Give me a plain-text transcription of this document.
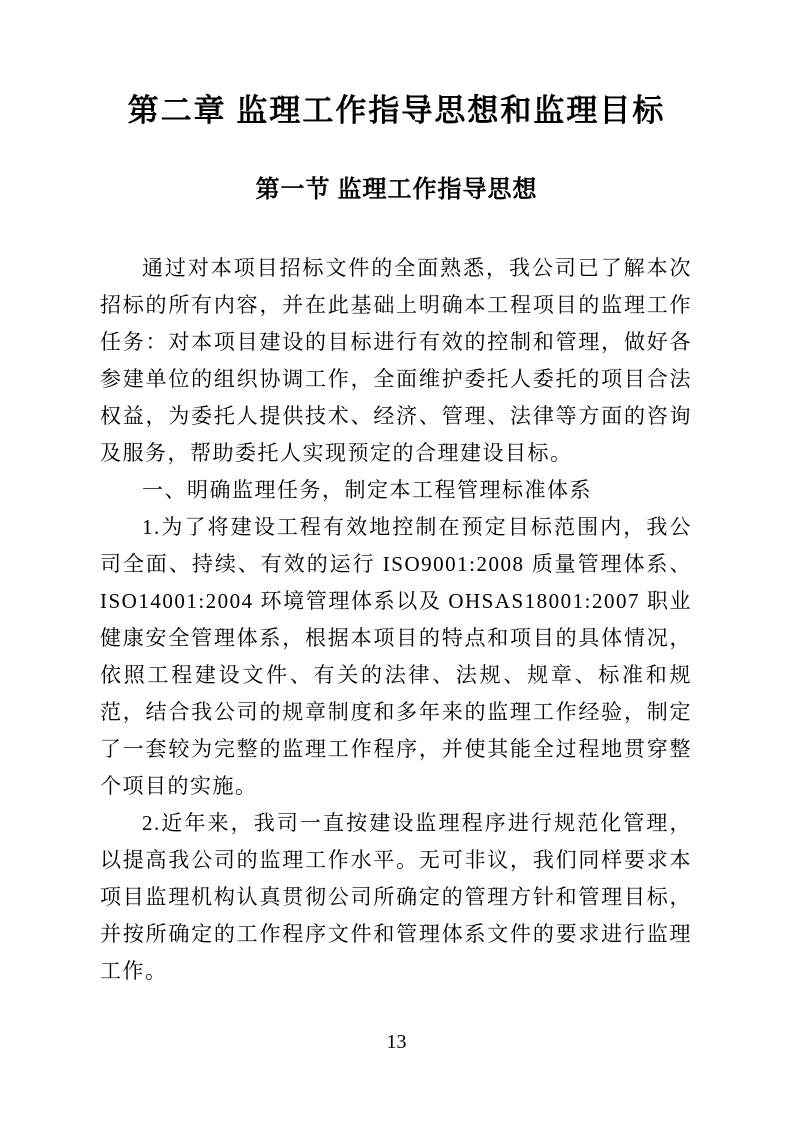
第二章 监理工作指导思想和监理目标
第一节 监理工作指导思想

通过对本项目招标文件的全面熟悉，我公司已了解本次招标的所有内容，并在此基础上明确本工程项目的监理工作任务：对本项目建设的目标进行有效的控制和管理，做好各参建单位的组织协调工作，全面维护委托人委托的项目合法权益，为委托人提供技术、经济、管理、法律等方面的咨询及服务，帮助委托人实现预定的合理建设目标。

一、明确监理任务，制定本工程管理标准体系

1.为了将建设工程有效地控制在预定目标范围内，我公司全面、持续、有效的运行 ISO9001:2008 质量管理体系、ISO14001:2004 环境管理体系以及 OHSAS18001:2007 职业健康安全管理体系，根据本项目的特点和项目的具体情况，依照工程建设文件、有关的法律、法规、规章、标准和规范，结合我公司的规章制度和多年来的监理工作经验，制定了一套较为完整的监理工作程序，并使其能全过程地贯穿整个项目的实施。

2.近年来，我司一直按建设监理程序进行规范化管理，以提高我公司的监理工作水平。无可非议，我们同样要求本项目监理机构认真贯彻公司所确定的管理方针和管理目标，并按所确定的工作程序文件和管理体系文件的要求进行监理工作。

13
